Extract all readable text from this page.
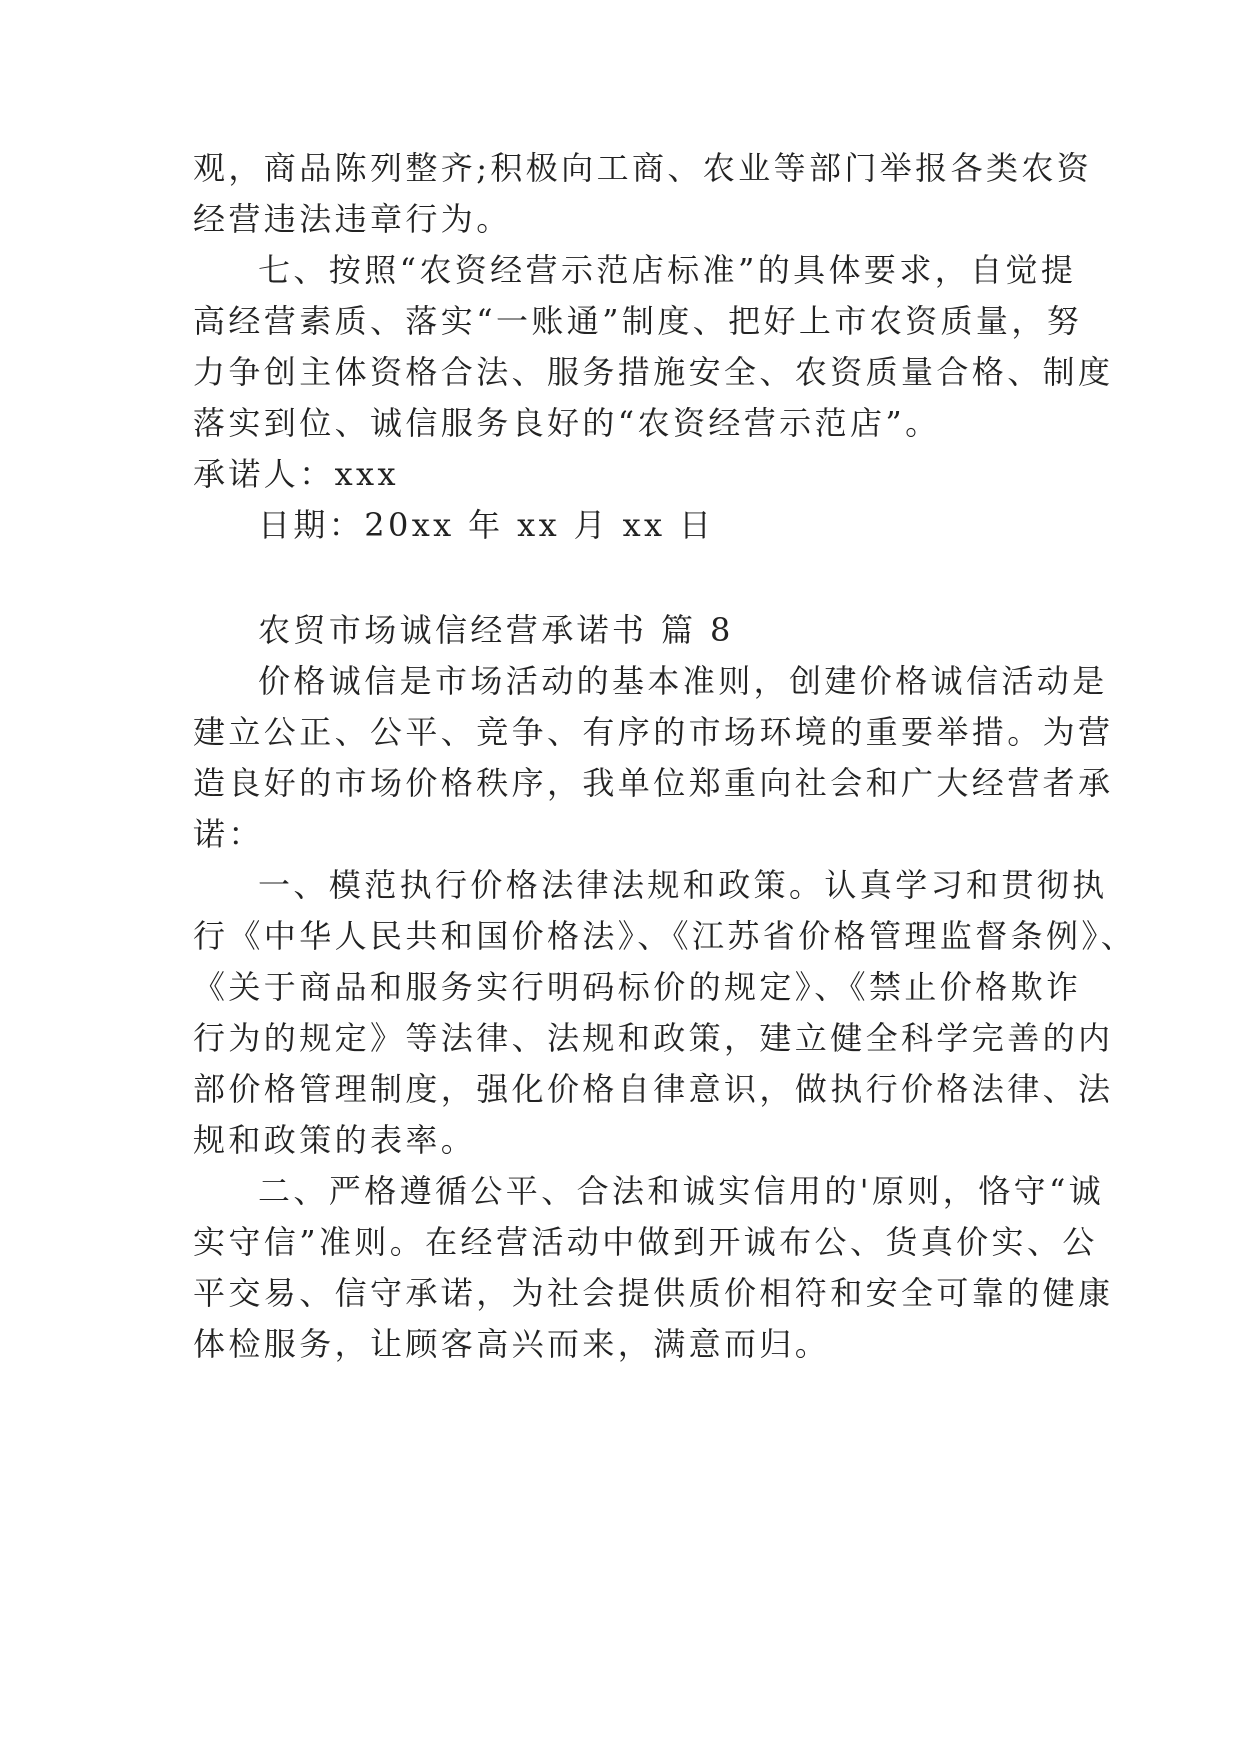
观，商品陈列整齐;积极向工商、农业等部门举报各类农资
经营违法违章行为。
七、按照“农资经营示范店标准”的具体要求，自觉提
高经营素质、落实“一账通”制度、把好上市农资质量，努
力争创主体资格合法、服务措施安全、农资质量合格、制度
落实到位、诚信服务良好的“农资经营示范店”。
承诺人：xxx
日期：20xx 年 xx 月 xx 日
农贸市场诚信经营承诺书 篇 8
价格诚信是市场活动的基本准则，创建价格诚信活动是
建立公正、公平、竞争、有序的市场环境的重要举措。为营
造良好的市场价格秩序，我单位郑重向社会和广大经营者承
诺：
一、模范执行价格法律法规和政策。认真学习和贯彻执
行《中华人民共和国价格法》、《江苏省价格管理监督条例》、
《关于商品和服务实行明码标价的规定》、《禁止价格欺诈
行为的规定》等法律、法规和政策，建立健全科学完善的内
部价格管理制度，强化价格自律意识，做执行价格法律、法
规和政策的表率。
二、严格遵循公平、合法和诚实信用的'原则，恪守“诚
实守信”准则。在经营活动中做到开诚布公、货真价实、公
平交易、信守承诺，为社会提供质价相符和安全可靠的健康
体检服务，让顾客高兴而来，满意而归。
